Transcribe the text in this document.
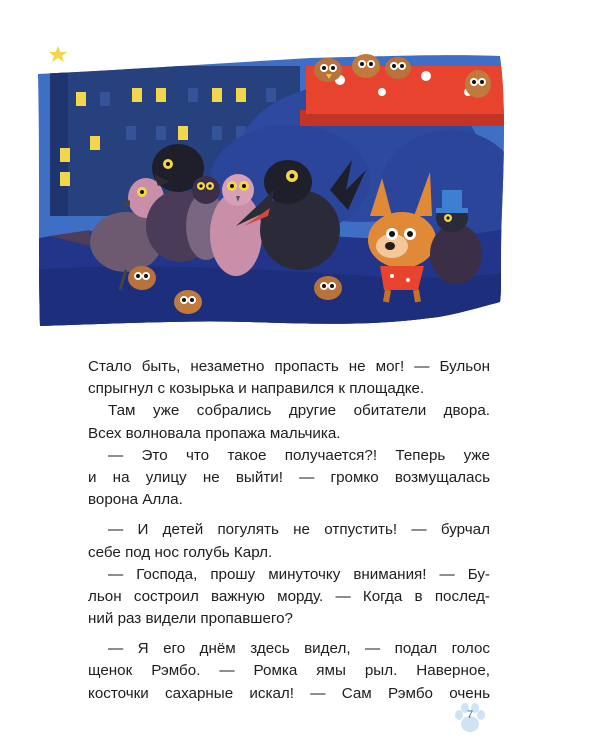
Стало быть, незаметно пропасть не мог! — Бульон
спрыгнул с козырька и направился к площадке.
Там уже собрались другие обитатели двора.
Всех волновала пропажа мальчика.
— Это что такое получается?! Теперь уже
и на улицу не выйти! — громко возмущалась
ворона Алла.
— И детей погулять не отпустить! — бурчал
себе под нос голубь Карл.
— Господа, прошу минуточку внимания! — Бу-
льон состроил важную морду. — Когда в послед-
ний раз видели пропавшего?
— Я его днём здесь видел, — подал голос
щенок Рэмбо. — Ромка ямы рыл. Наверное,
косточки сахарные искал! — Сам Рэмбо очень
7
